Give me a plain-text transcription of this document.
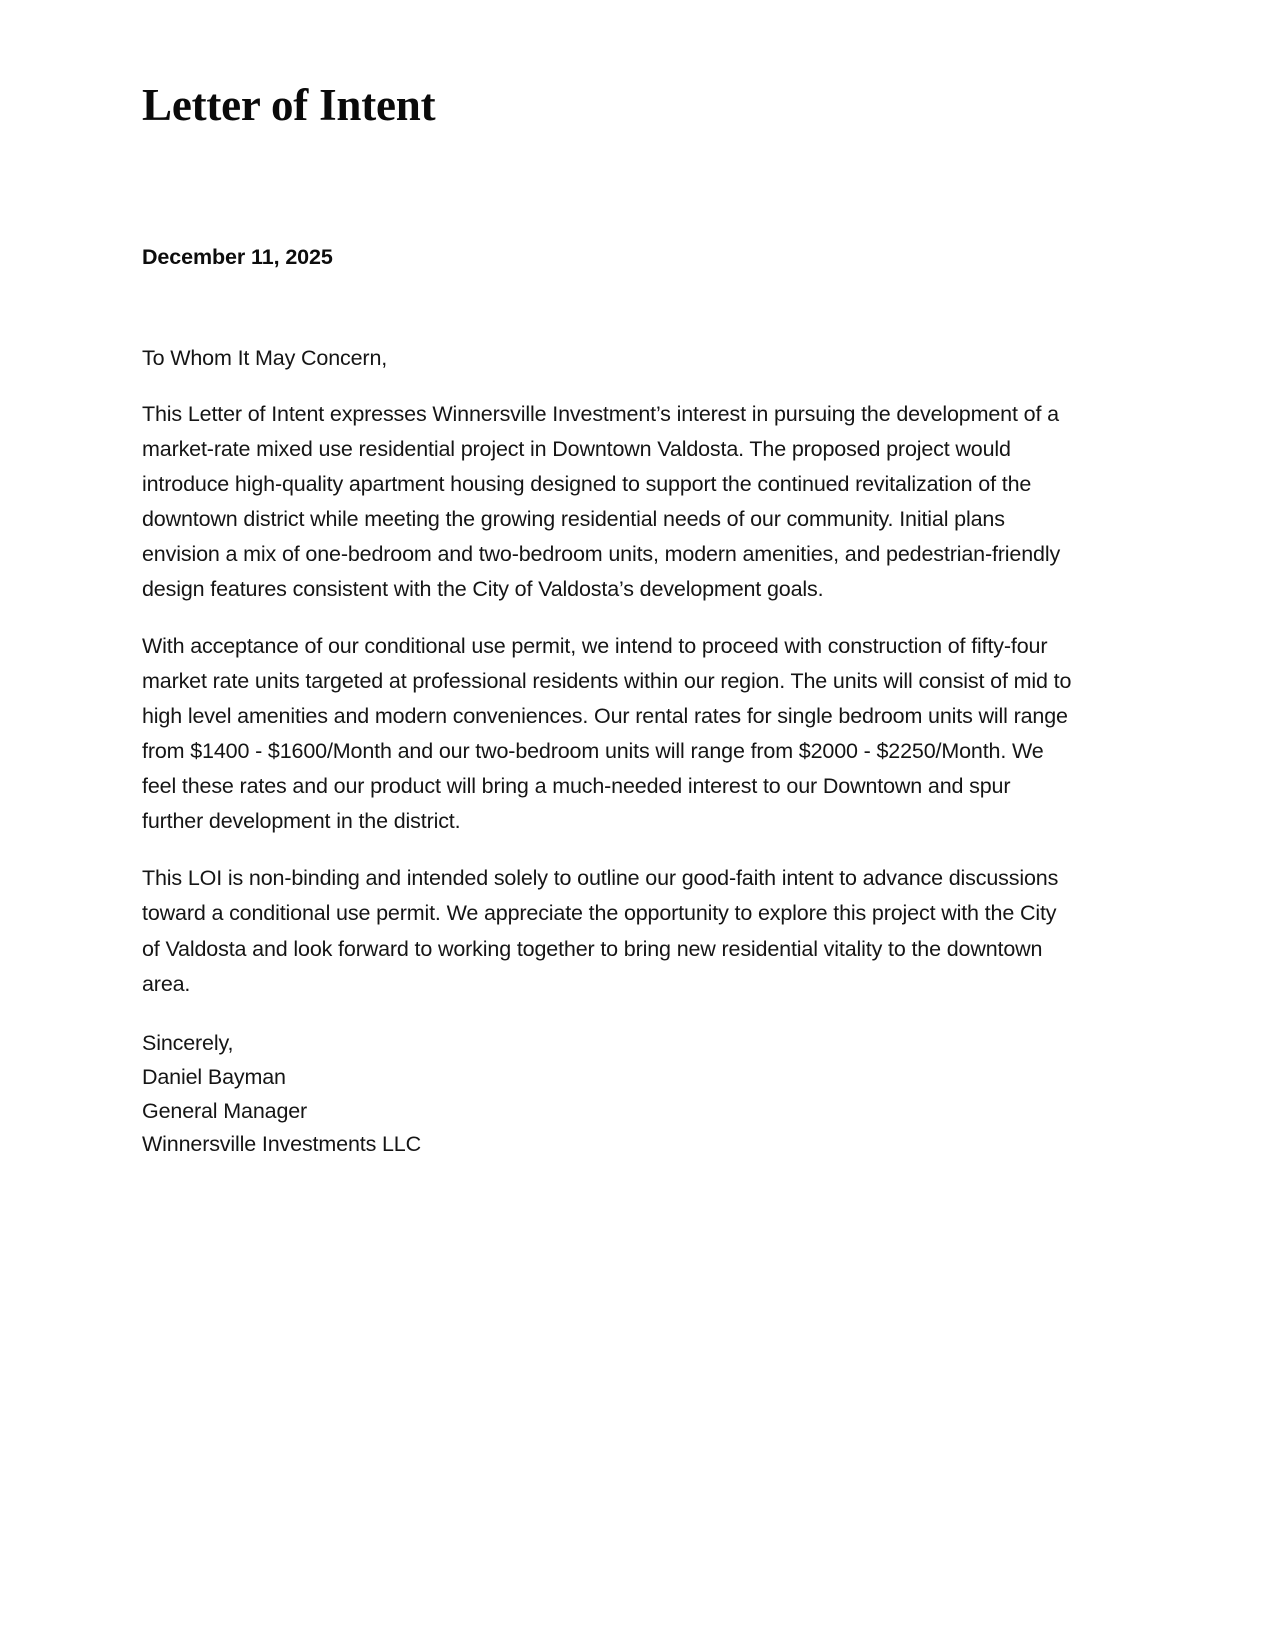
Letter of Intent

December 11, 2025

To Whom It May Concern,

This Letter of Intent expresses Winnersville Investment’s interest in pursuing the development of a market-rate mixed use residential project in Downtown Valdosta. The proposed project would introduce high-quality apartment housing designed to support the continued revitalization of the downtown district while meeting the growing residential needs of our community. Initial plans envision a mix of one-bedroom and two-bedroom units, modern amenities, and pedestrian-friendly design features consistent with the City of Valdosta’s development goals.

With acceptance of our conditional use permit, we intend to proceed with construction of fifty-four market rate units targeted at professional residents within our region. The units will consist of mid to high level amenities and modern conveniences. Our rental rates for single bedroom units will range from $1400 - $1600/Month and our two-bedroom units will range from $2000 - $2250/Month. We feel these rates and our product will bring a much-needed interest to our Downtown and spur further development in the district.

This LOI is non-binding and intended solely to outline our good-faith intent to advance discussions toward a conditional use permit. We appreciate the opportunity to explore this project with the City of Valdosta and look forward to working together to bring new residential vitality to the downtown area.

Sincerely,
Daniel Bayman
General Manager
Winnersville Investments LLC
